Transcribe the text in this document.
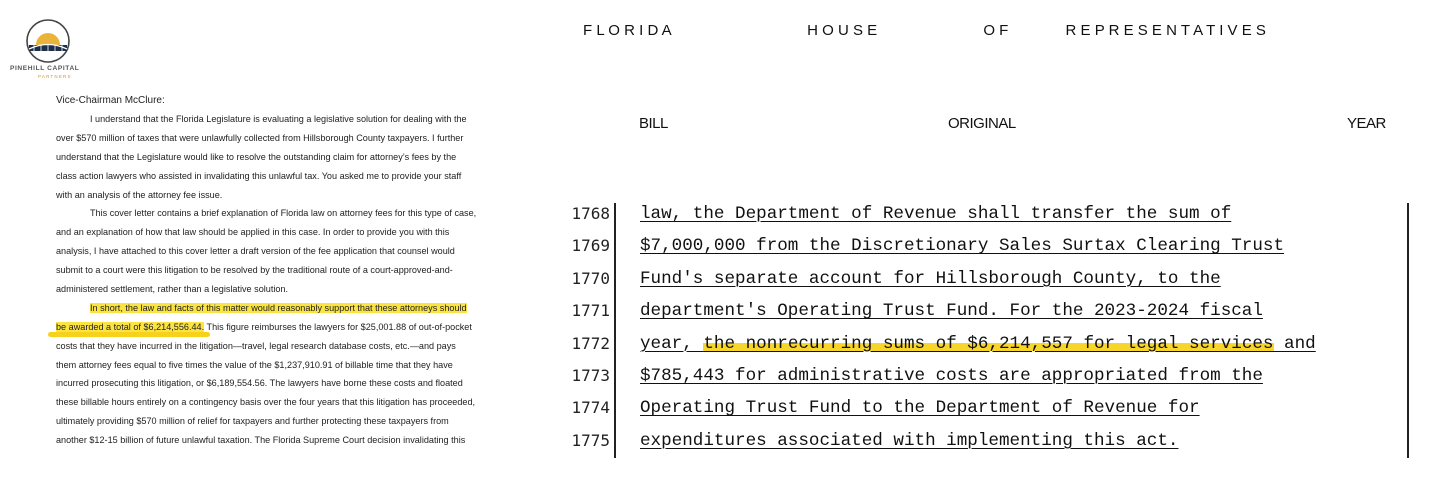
PINEHILL CAPITAL
PARTNERS
Vice-Chairman McClure:
I understand that the Florida Legislature is evaluating a legislative solution for dealing with the
over $570 million of taxes that were unlawfully collected from Hillsborough County taxpayers. I further
understand that the Legislature would like to resolve the outstanding claim for attorney’s fees by the
class action lawyers who assisted in invalidating this unlawful tax. You asked me to provide your staff
with an analysis of the attorney fee issue.
This cover letter contains a brief explanation of Florida law on attorney fees for this type of case,
and an explanation of how that law should be applied in this case. In order to provide you with this
analysis, I have attached to this cover letter a draft version of the fee application that counsel would
submit to a court were this litigation to be resolved by the traditional route of a court-approved-and-
administered settlement, rather than a legislative solution.
In short, the law and facts of this matter would reasonably support that these attorneys should
be awarded a total of $6,214,556.44. This figure reimburses the lawyers for $25,001.88 of out-of-pocket
costs that they have incurred in the litigation—travel, legal research database costs, etc.—and pays
them attorney fees equal to five times the value of the $1,237,910.91 of billable time that they have
incurred prosecuting this litigation, or $6,189,554.56. The lawyers have borne these costs and floated
these billable hours entirely on a contingency basis over the four years that this litigation has proceeded,
ultimately providing $570 million of relief for taxpayers and further protecting these taxpayers from
another $12-15 billion of future unlawful taxation. The Florida Supreme Court decision invalidating this
F L O R I D A	H O U S E	O F	R E P R E S E N T A T I V E S
BILL	ORIGINAL	YEAR
1768 law, the Department of Revenue shall transfer the sum of
1769 $7,000,000 from the Discretionary Sales Surtax Clearing Trust
1770 Fund's separate account for Hillsborough County, to the
1771 department's Operating Trust Fund. For the 2023-2024 fiscal
1772 year, the nonrecurring sums of $6,214,557 for legal services and
1773 $785,443 for administrative costs are appropriated from the
1774 Operating Trust Fund to the Department of Revenue for
1775 expenditures associated with implementing this act.
